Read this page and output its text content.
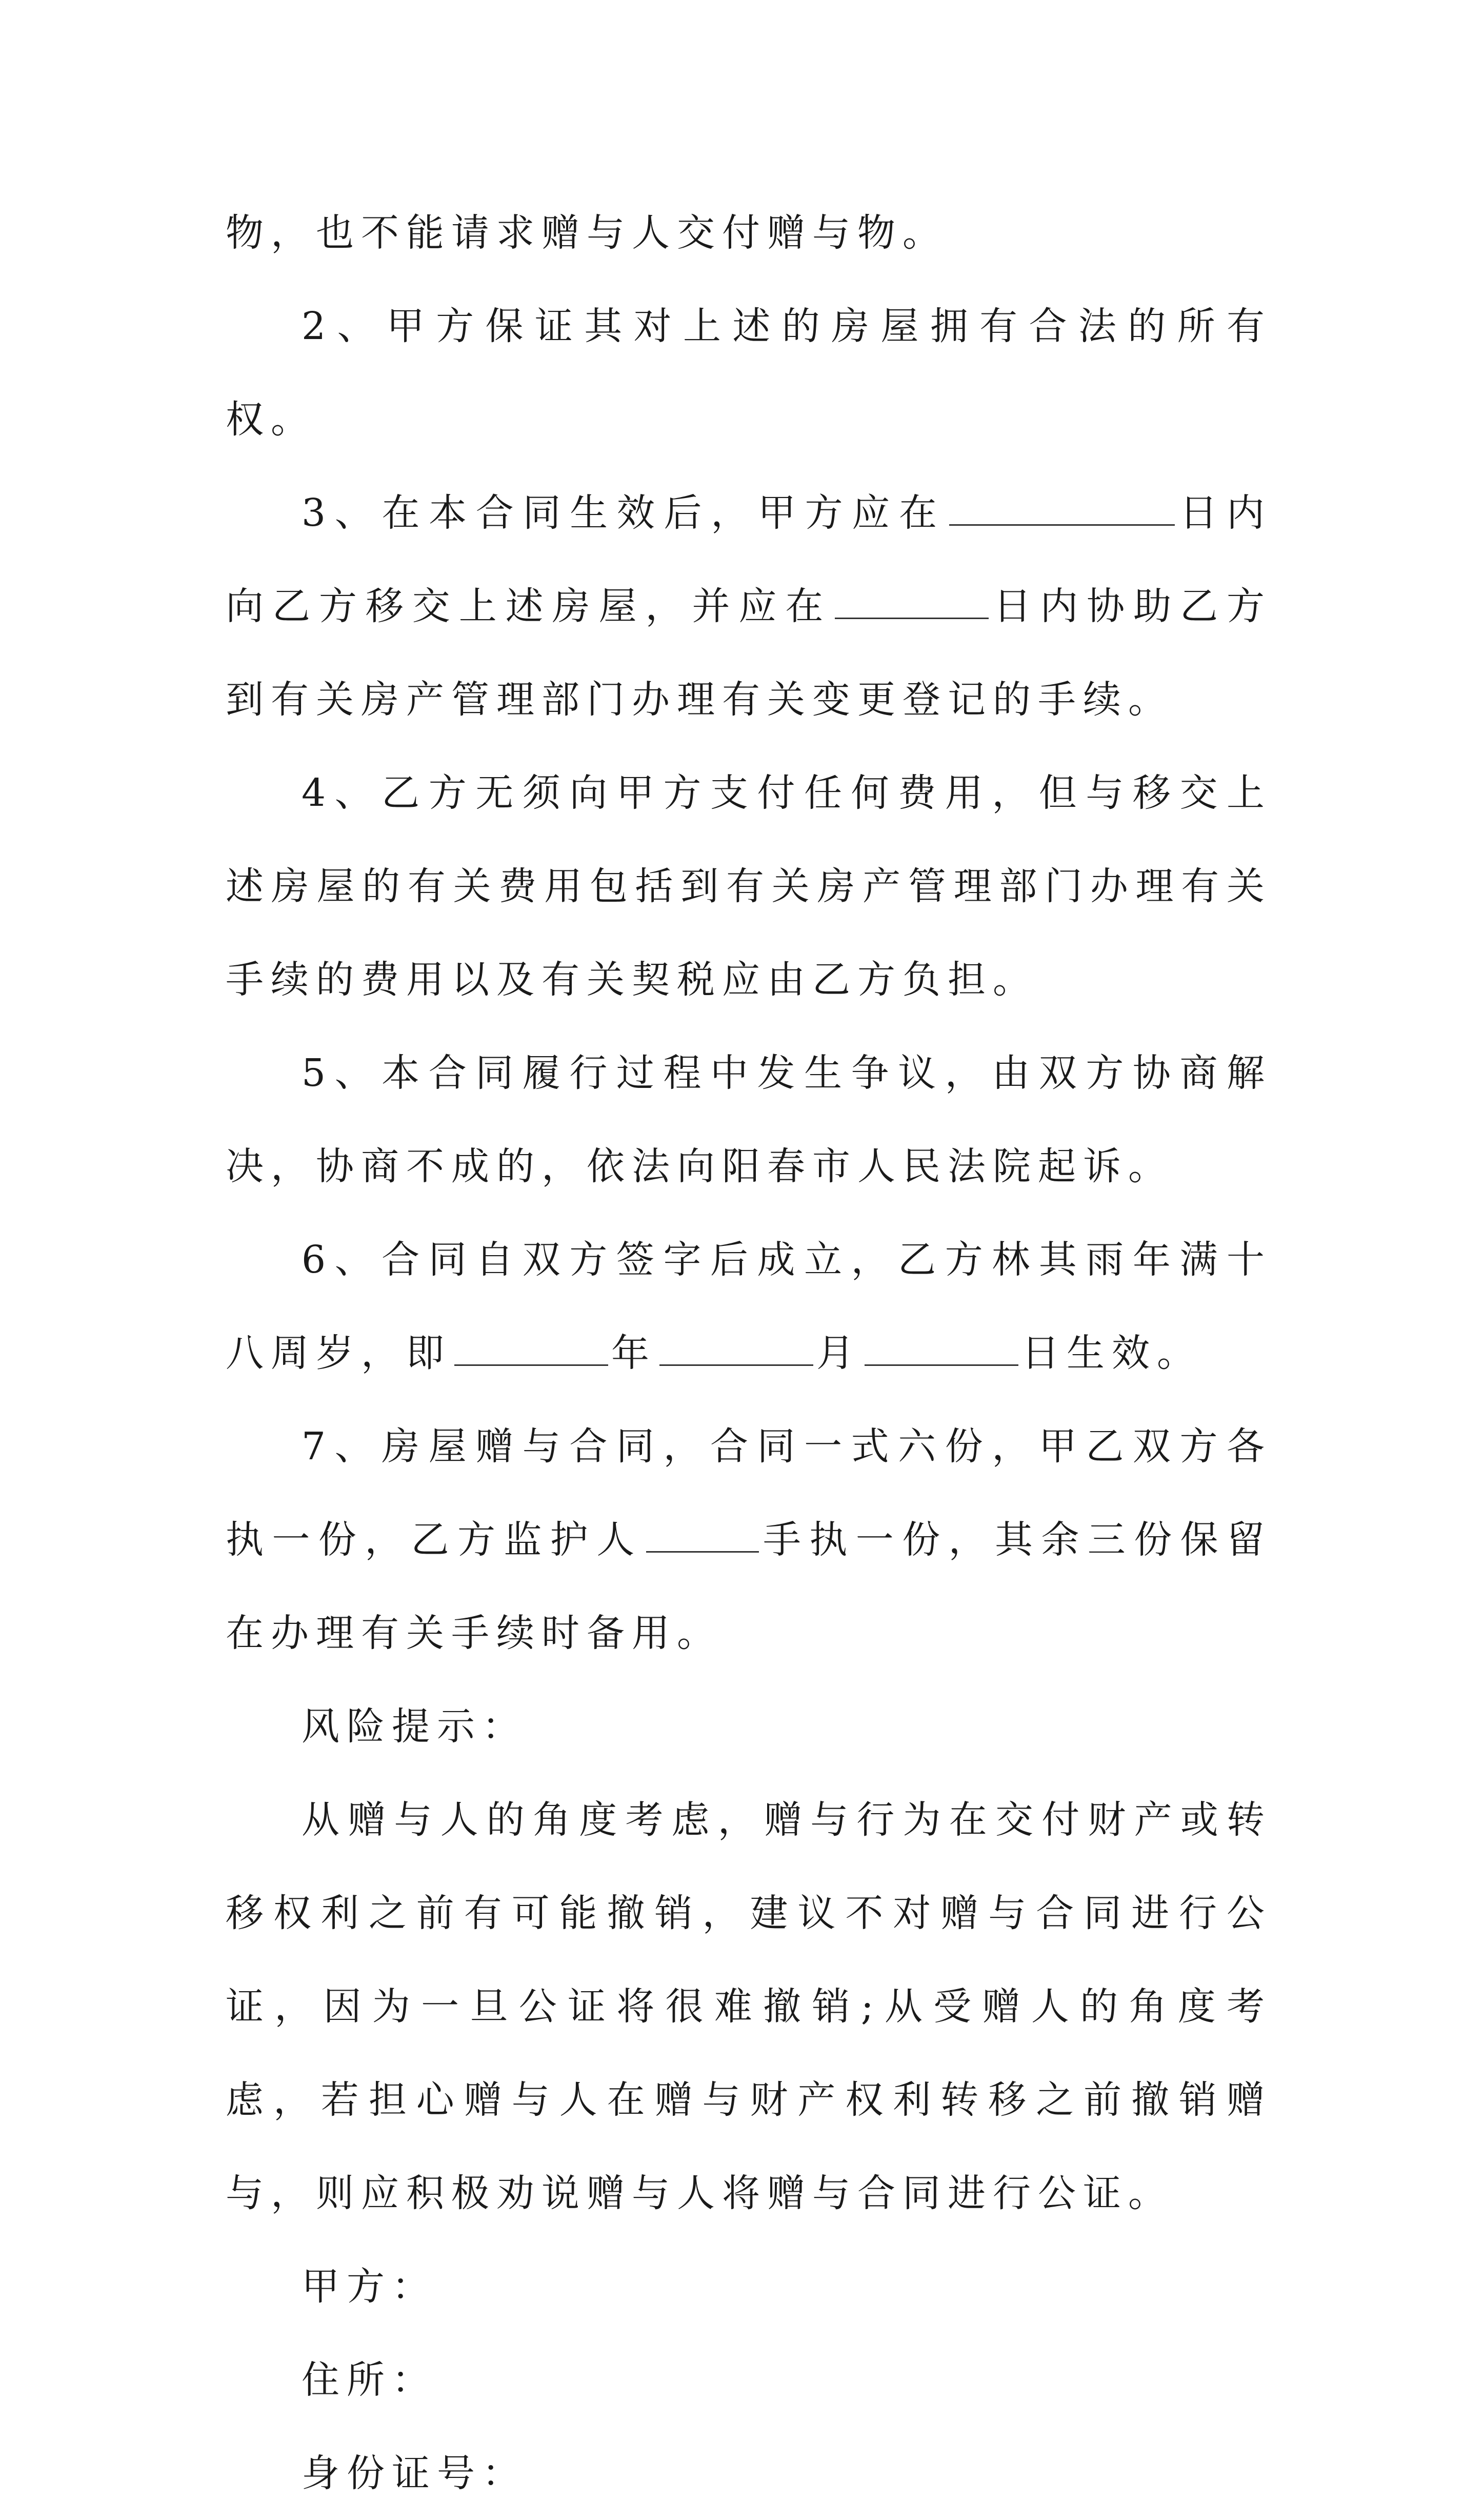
物，也不能请求赠与人交付赠与物。

2、甲方保证其对上述的房屋拥有合法的所有权。

3、在本合同生效后，甲方应在	日内向乙方移交上述房屋，并应在	日内协助乙方到有关房产管理部门办理有关变更登记的手续。

4、乙方无须向甲方支付任何费用，但与移交上述房屋的有关费用包括到有关房产管理部门办理有关手续的费用以及有关契税应由乙方负担。

5、本合同履行过程中发生争议，由双方协商解决，协商不成的，依法向阳春市人民法院起诉。

6、合同自双方签字后成立，乙方林其雨年满十八周岁，即	年	月	日生效。

7、房屋赠与合同，合同一式六份，甲乙双方各执一份，乙方监护人	手执一份，其余三份保留在办理有关手续时备用。

风险提示：

从赠与人的角度考虑，赠与行为在交付财产或转移权利之前有可能撤销，建议不对赠与合同进行公证，因为一旦公证将很难撤销;从受赠人的角度考虑，若担心赠与人在赠与财产权利转移之前撤销赠与，则应积极劝说赠与人将赠与合同进行公证。

甲方：

住所：

身份证号：
